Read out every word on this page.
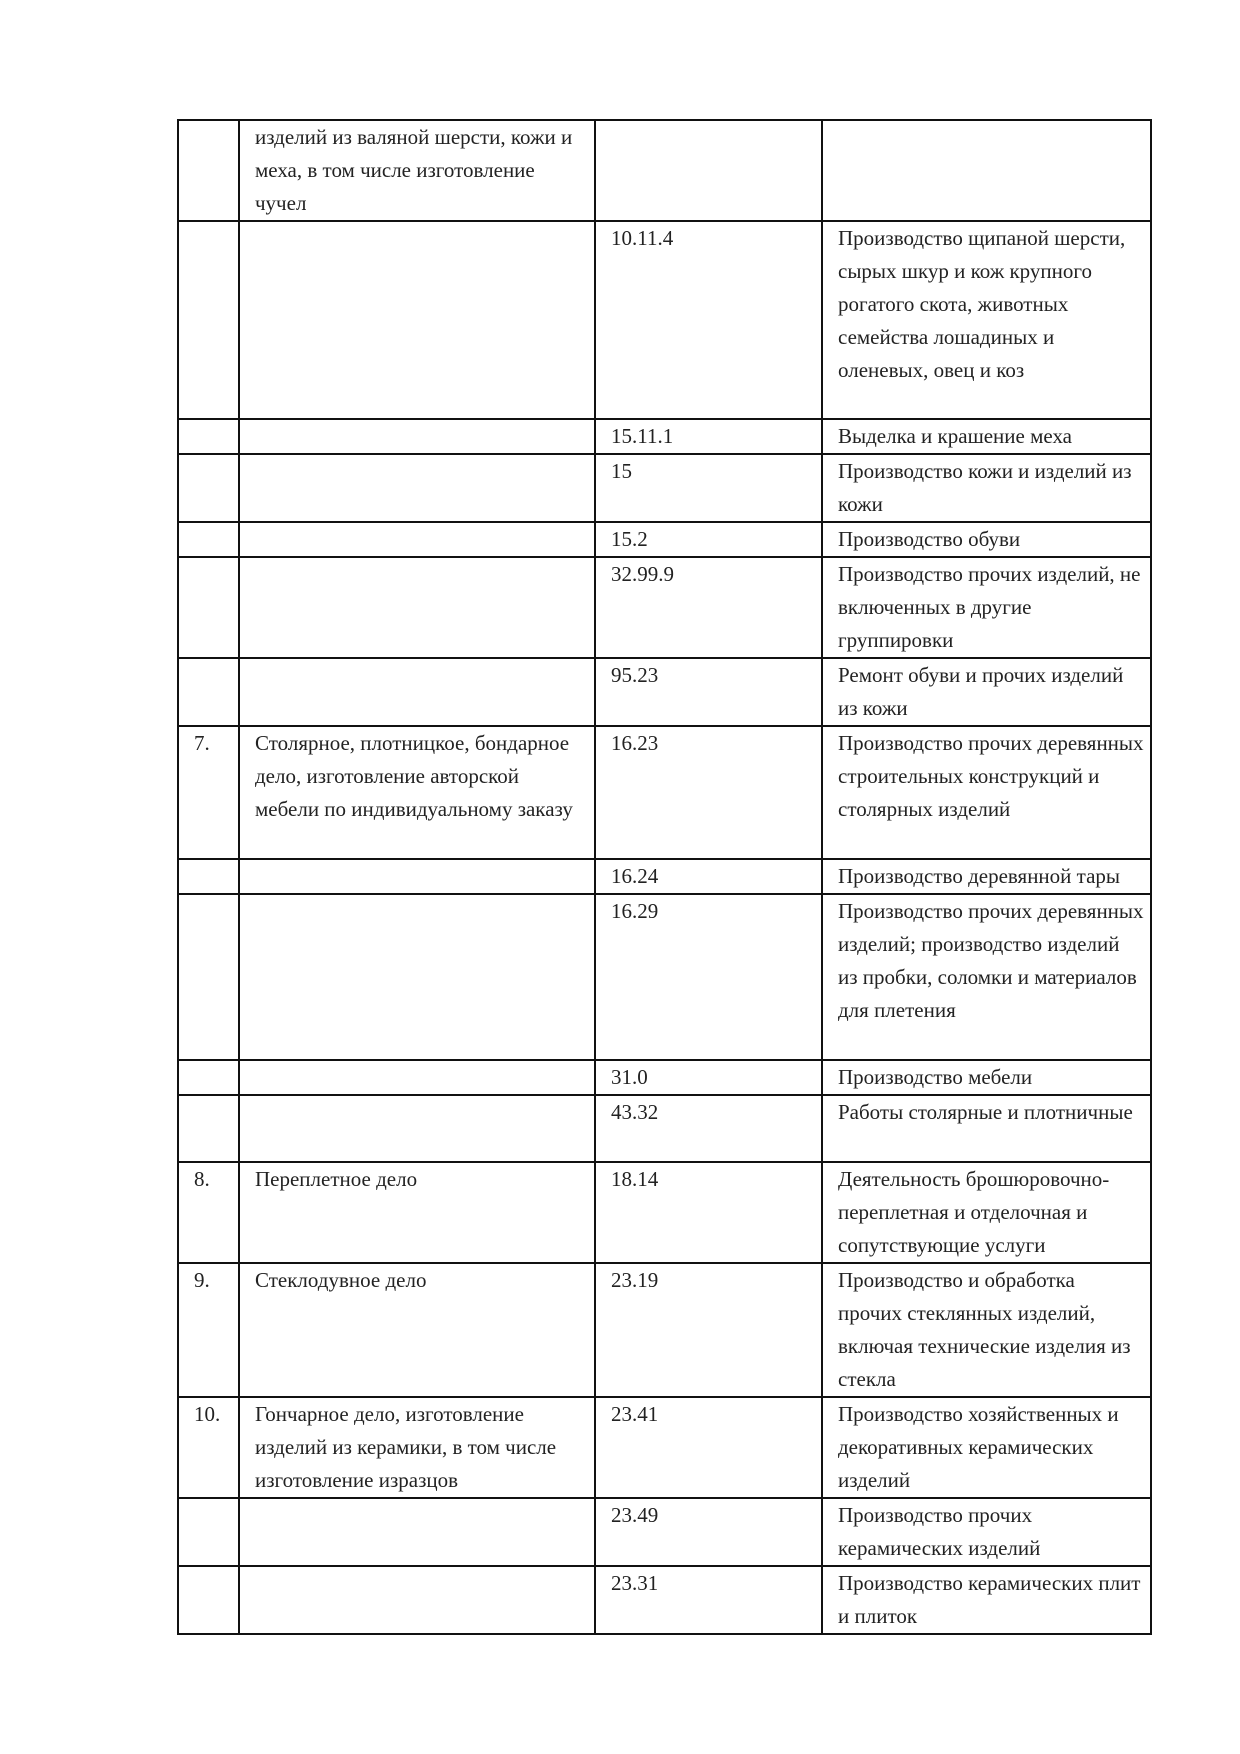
	изделий из валяной шерсти, кожи и меха, в том числе изготовление чучел		
		10.11.4	Производство щипаной шерсти, сырых шкур и кож крупного рогатого скота, животных семейства лошадиных и оленевых, овец и коз
		15.11.1	Выделка и крашение меха
		15	Производство кожи и изделий из кожи
		15.2	Производство обуви
		32.99.9	Производство прочих изделий, не включенных в другие группировки
		95.23	Ремонт обуви и прочих изделий из кожи
7.	Столярное, плотницкое, бондарное дело, изготовление авторской мебели по индивидуальному заказу	16.23	Производство прочих деревянных строительных конструкций и столярных изделий
		16.24	Производство деревянной тары
		16.29	Производство прочих деревянных изделий; производство изделий из пробки, соломки и материалов для плетения
		31.0	Производство мебели
		43.32	Работы столярные и плотничные
8.	Переплетное дело	18.14	Деятельность брошюровочно-переплетная и отделочная и сопутствующие услуги
9.	Стеклодувное дело	23.19	Производство и обработка прочих стеклянных изделий, включая технические изделия из стекла
10.	Гончарное дело, изготовление изделий из керамики, в том числе изготовление изразцов	23.41	Производство хозяйственных и декоративных керамических изделий
		23.49	Производство прочих керамических изделий
		23.31	Производство керамических плит и плиток
